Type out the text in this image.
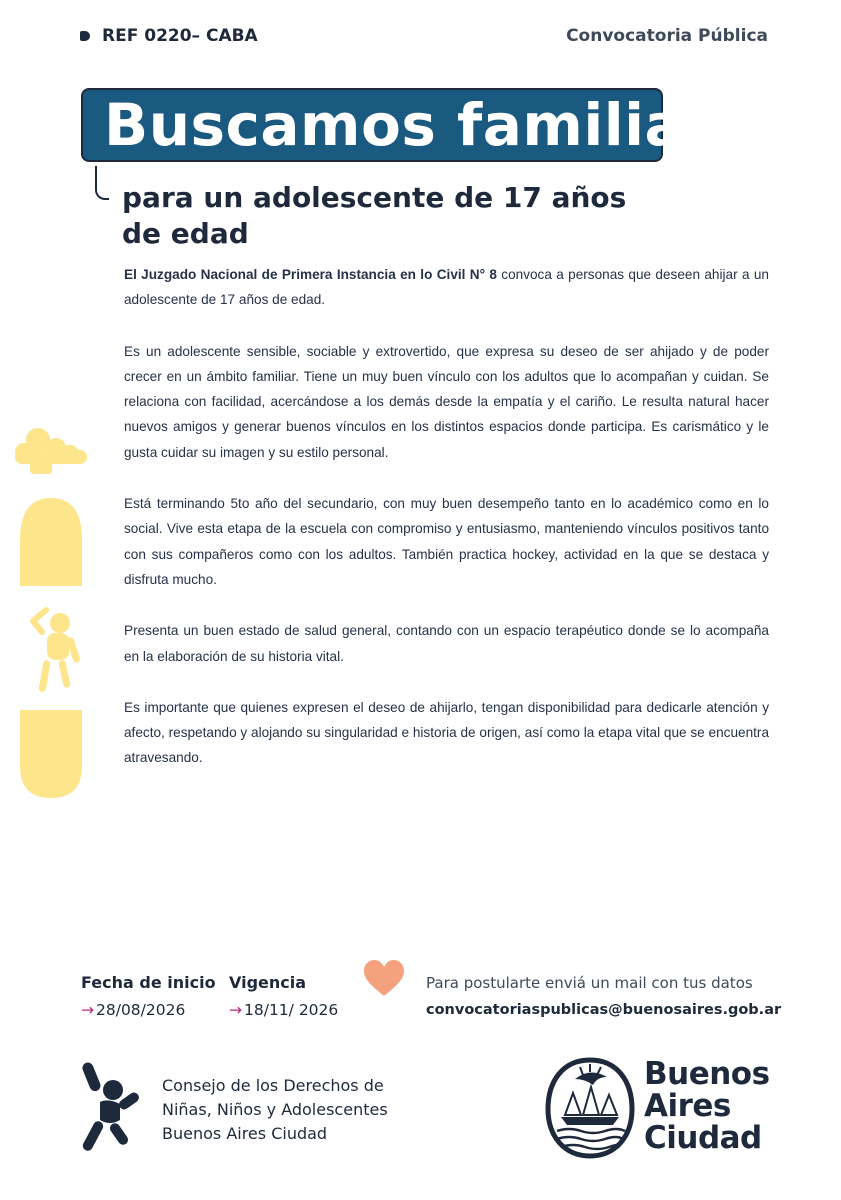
REF 0220– CABA	Convocatoria Pública
Buscamos familia
para un adolescente de 17 años de edad

El Juzgado Nacional de Primera Instancia en lo Civil N° 8 convoca a personas que deseen ahijar a un adolescente de 17 años de edad.

Es un adolescente sensible, sociable y extrovertido, que expresa su deseo de ser ahijado y de poder crecer en un ámbito familiar. Tiene un muy buen vínculo con los adultos que lo acompañan y cuidan. Se relaciona con facilidad, acercándose a los demás desde la empatía y el cariño. Le resulta natural hacer nuevos amigos y generar buenos vínculos en los distintos espacios donde participa. Es carismático y le gusta cuidar su imagen y su estilo personal.

Está terminando 5to año del secundario, con muy buen desempeño tanto en lo académico como en lo social. Vive esta etapa de la escuela con compromiso y entusiasmo, manteniendo vínculos positivos tanto con sus compañeros como con los adultos. También practica hockey, actividad en la que se destaca y disfruta mucho.

Presenta un buen estado de salud general, contando con un espacio terapéutico donde se lo acompaña en la elaboración de su historia vital.

Es importante que quienes expresen el deseo de ahijarlo, tengan disponibilidad para dedicarle atención y afecto, respetando y alojando su singularidad e historia de origen, así como la etapa vital que se encuentra atravesando.

Fecha de inicio
→ 28/08/2026
Vigencia
→ 18/11/ 2026
Para postularte enviá un mail con tus datos
convocatoriaspublicas@buenosaires.gob.ar
Consejo de los Derechos de
Niñas, Niños y Adolescentes
Buenos Aires Ciudad
Buenos
Aires
Ciudad
